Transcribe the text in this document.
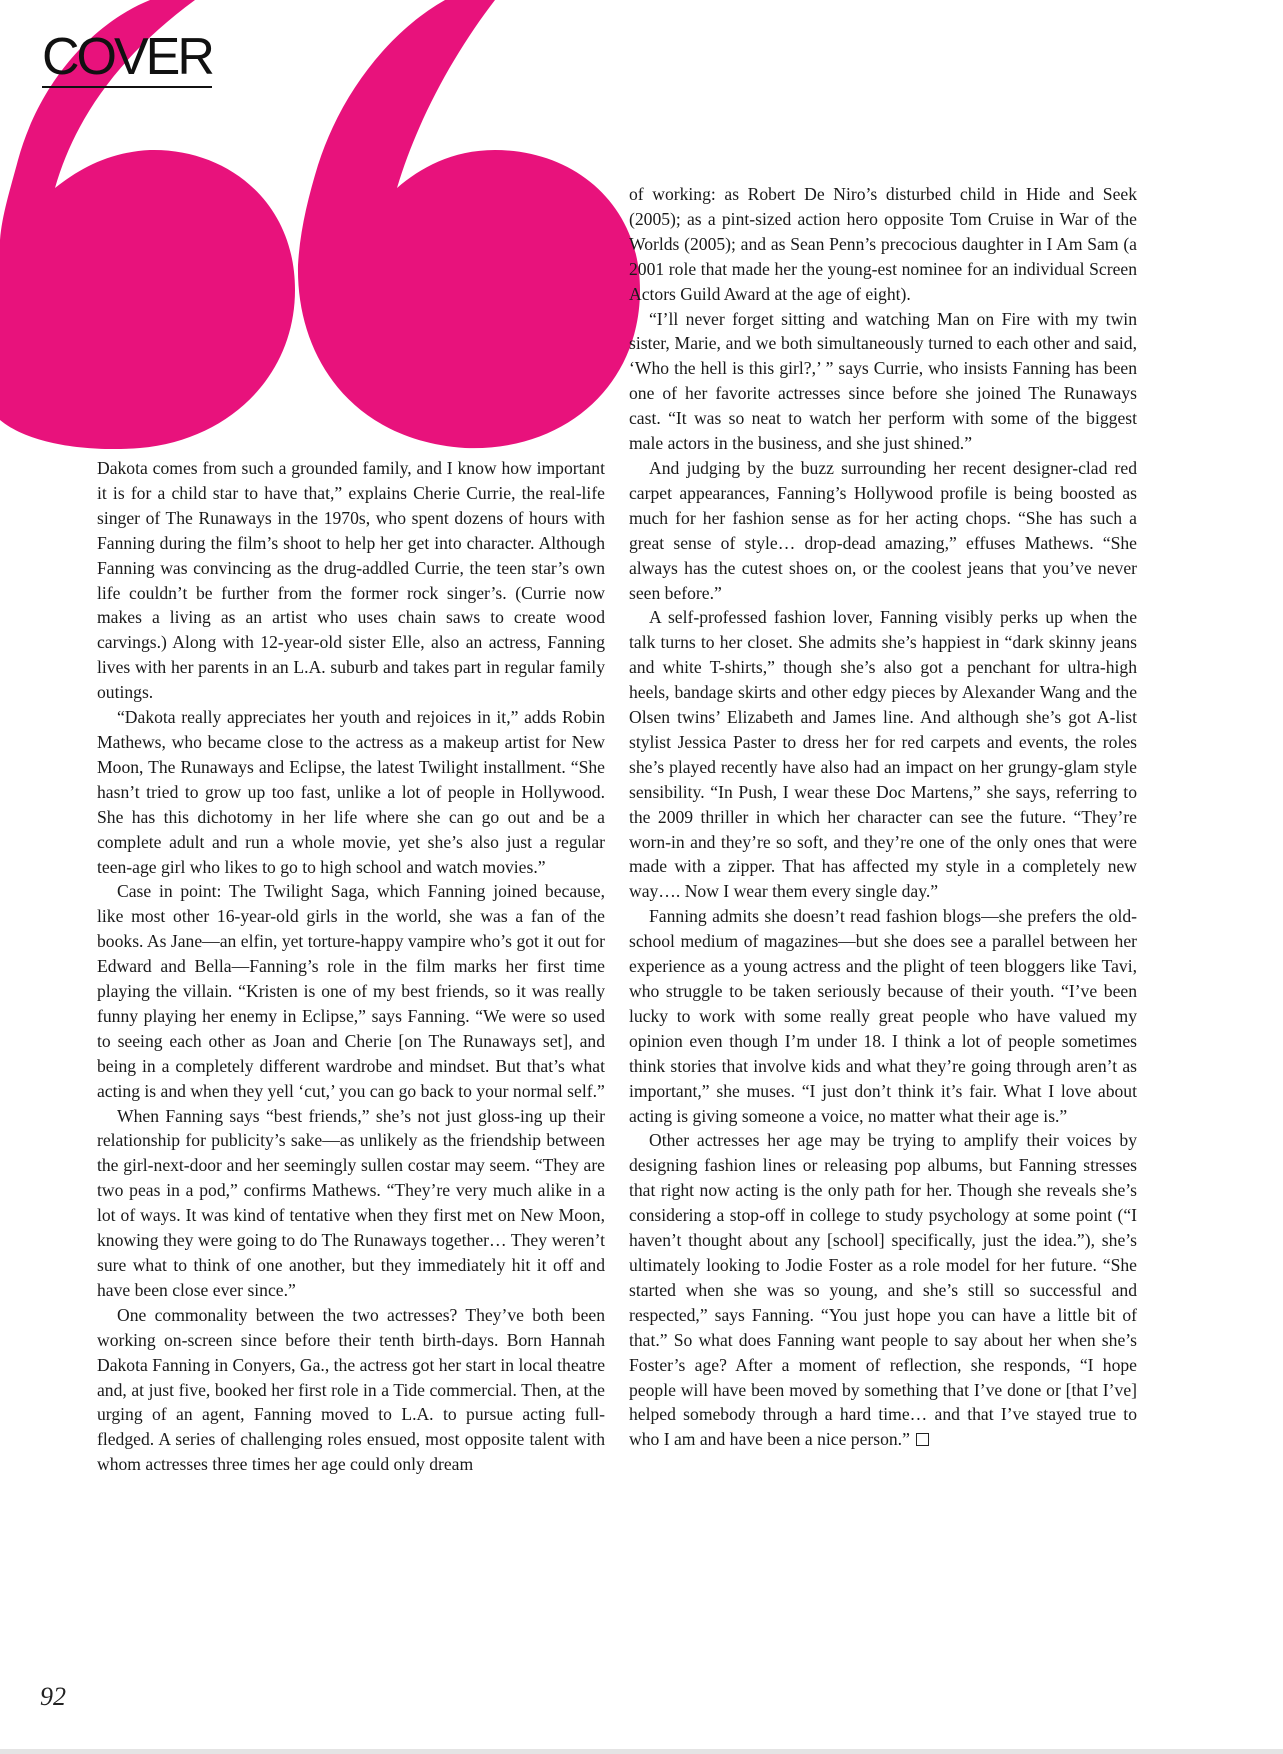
COVER

Dakota comes from such a grounded family, and I know how important it is for a child star to have that,” explains Cherie Currie, the real-life singer of The Runaways in the 1970s, who spent dozens of hours with Fanning during the film’s shoot to help her get into character. Although Fanning was convincing as the drug-addled Currie, the teen star’s own life couldn’t be further from the former rock singer’s. (Currie now makes a living as an artist who uses chain saws to create wood carvings.) Along with 12-year-old sister Elle, also an actress, Fanning lives with her parents in an L.A. suburb and takes part in regular family outings.

“Dakota really appreciates her youth and rejoices in it,” adds Robin Mathews, who became close to the actress as a makeup artist for New Moon, The Runaways and Eclipse, the latest Twilight installment. “She hasn’t tried to grow up too fast, unlike a lot of people in Hollywood. She has this dichotomy in her life where she can go out and be a complete adult and run a whole movie, yet she’s also just a regular teen-age girl who likes to go to high school and watch movies.”

Case in point: The Twilight Saga, which Fanning joined because, like most other 16-year-old girls in the world, she was a fan of the books. As Jane—an elfin, yet torture-happy vampire who’s got it out for Edward and Bella—Fanning’s role in the film marks her first time playing the villain. “Kristen is one of my best friends, so it was really funny playing her enemy in Eclipse,” says Fanning. “We were so used to seeing each other as Joan and Cherie [on The Runaways set], and being in a completely different wardrobe and mindset. But that’s what acting is and when they yell ‘cut,’ you can go back to your normal self.”

When Fanning says “best friends,” she’s not just gloss-ing up their relationship for publicity’s sake—as unlikely as the friendship between the girl-next-door and her seemingly sullen costar may seem. “They are two peas in a pod,” confirms Mathews. “They’re very much alike in a lot of ways. It was kind of tentative when they first met on New Moon, knowing they were going to do The Runaways together… They weren’t sure what to think of one another, but they immediately hit it off and have been close ever since.”

One commonality between the two actresses? They’ve both been working on-screen since before their tenth birth-days. Born Hannah Dakota Fanning in Conyers, Ga., the actress got her start in local theatre and, at just five, booked her first role in a Tide commercial. Then, at the urging of an agent, Fanning moved to L.A. to pursue acting full-fledged. A series of challenging roles ensued, most opposite talent with whom actresses three times her age could only dream

of working: as Robert De Niro’s disturbed child in Hide and Seek (2005); as a pint-sized action hero opposite Tom Cruise in War of the Worlds (2005); and as Sean Penn’s precocious daughter in I Am Sam (a 2001 role that made her the young-est nominee for an individual Screen Actors Guild Award at the age of eight).

“I’ll never forget sitting and watching Man on Fire with my twin sister, Marie, and we both simultaneously turned to each other and said, ‘Who the hell is this girl?,’ ” says Currie, who insists Fanning has been one of her favorite actresses since before she joined The Runaways cast. “It was so neat to watch her perform with some of the biggest male actors in the business, and she just shined.”

And judging by the buzz surrounding her recent designer-clad red carpet appearances, Fanning’s Hollywood profile is being boosted as much for her fashion sense as for her acting chops. “She has such a great sense of style… drop-dead amazing,” effuses Mathews. “She always has the cutest shoes on, or the coolest jeans that you’ve never seen before.”

A self-professed fashion lover, Fanning visibly perks up when the talk turns to her closet. She admits she’s happiest in “dark skinny jeans and white T-shirts,” though she’s also got a penchant for ultra-high heels, bandage skirts and other edgy pieces by Alexander Wang and the Olsen twins’ Elizabeth and James line. And although she’s got A-list stylist Jessica Paster to dress her for red carpets and events, the roles she’s played recently have also had an impact on her grungy-glam style sensibility. “In Push, I wear these Doc Martens,” she says, referring to the 2009 thriller in which her character can see the future. “They’re worn-in and they’re so soft, and they’re one of the only ones that were made with a zipper. That has affected my style in a completely new way…. Now I wear them every single day.”

Fanning admits she doesn’t read fashion blogs—she prefers the old-school medium of magazines—but she does see a parallel between her experience as a young actress and the plight of teen bloggers like Tavi, who struggle to be taken seriously because of their youth. “I’ve been lucky to work with some really great people who have valued my opinion even though I’m under 18. I think a lot of people sometimes think stories that involve kids and what they’re going through aren’t as important,” she muses. “I just don’t think it’s fair. What I love about acting is giving someone a voice, no matter what their age is.”

Other actresses her age may be trying to amplify their voices by designing fashion lines or releasing pop albums, but Fanning stresses that right now acting is the only path for her. Though she reveals she’s considering a stop-off in college to study psychology at some point (“I haven’t thought about any [school] specifically, just the idea.”), she’s ultimately looking to Jodie Foster as a role model for her future. “She started when she was so young, and she’s still so successful and respected,” says Fanning. “You just hope you can have a little bit of that.” So what does Fanning want people to say about her when she’s Foster’s age? After a moment of reflection, she responds, “I hope people will have been moved by something that I’ve done or [that I’ve] helped somebody through a hard time… and that I’ve stayed true to who I am and have been a nice person.”

92
